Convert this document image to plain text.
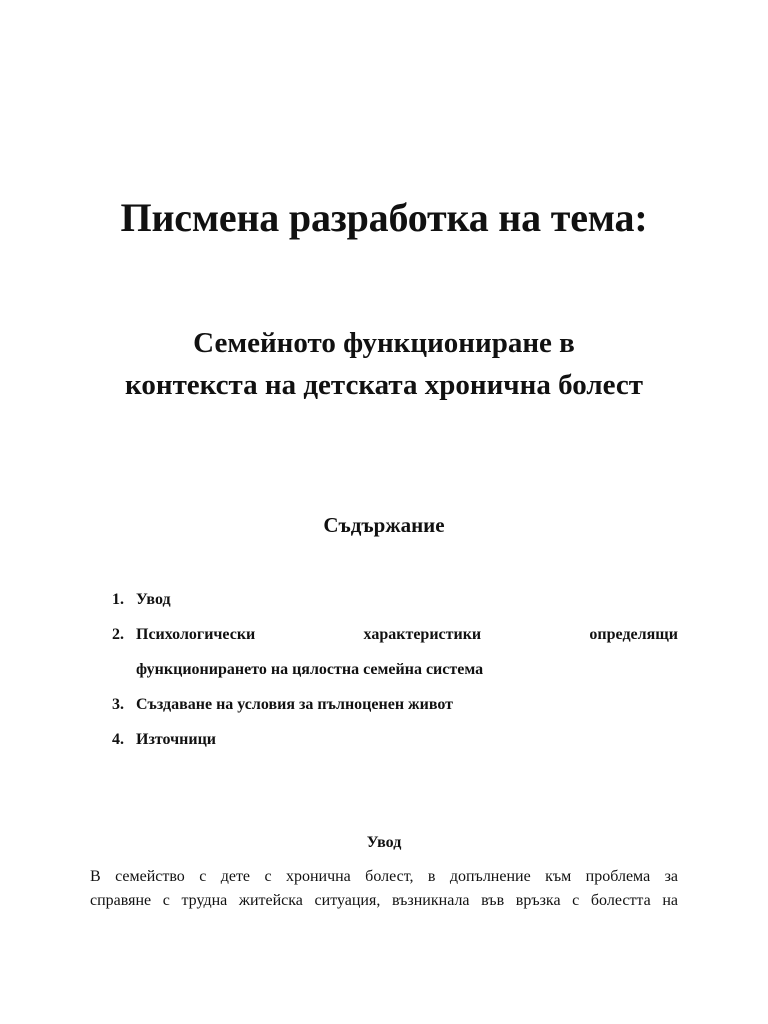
Писмена разработка на тема:
Семейното функциониране в
контекста на детската хронична болест
Съдържание
1. Увод
2. Психологически характеристики определящи
функционирането на цялостна семейна система
3. Създаване на условия за пълноценен живот
4. Източници
Увод
В семейство с дете с хронична болест, в допълнение към проблема за
справяне с трудна житейска ситуация, възникнала във връзка с болестта на
